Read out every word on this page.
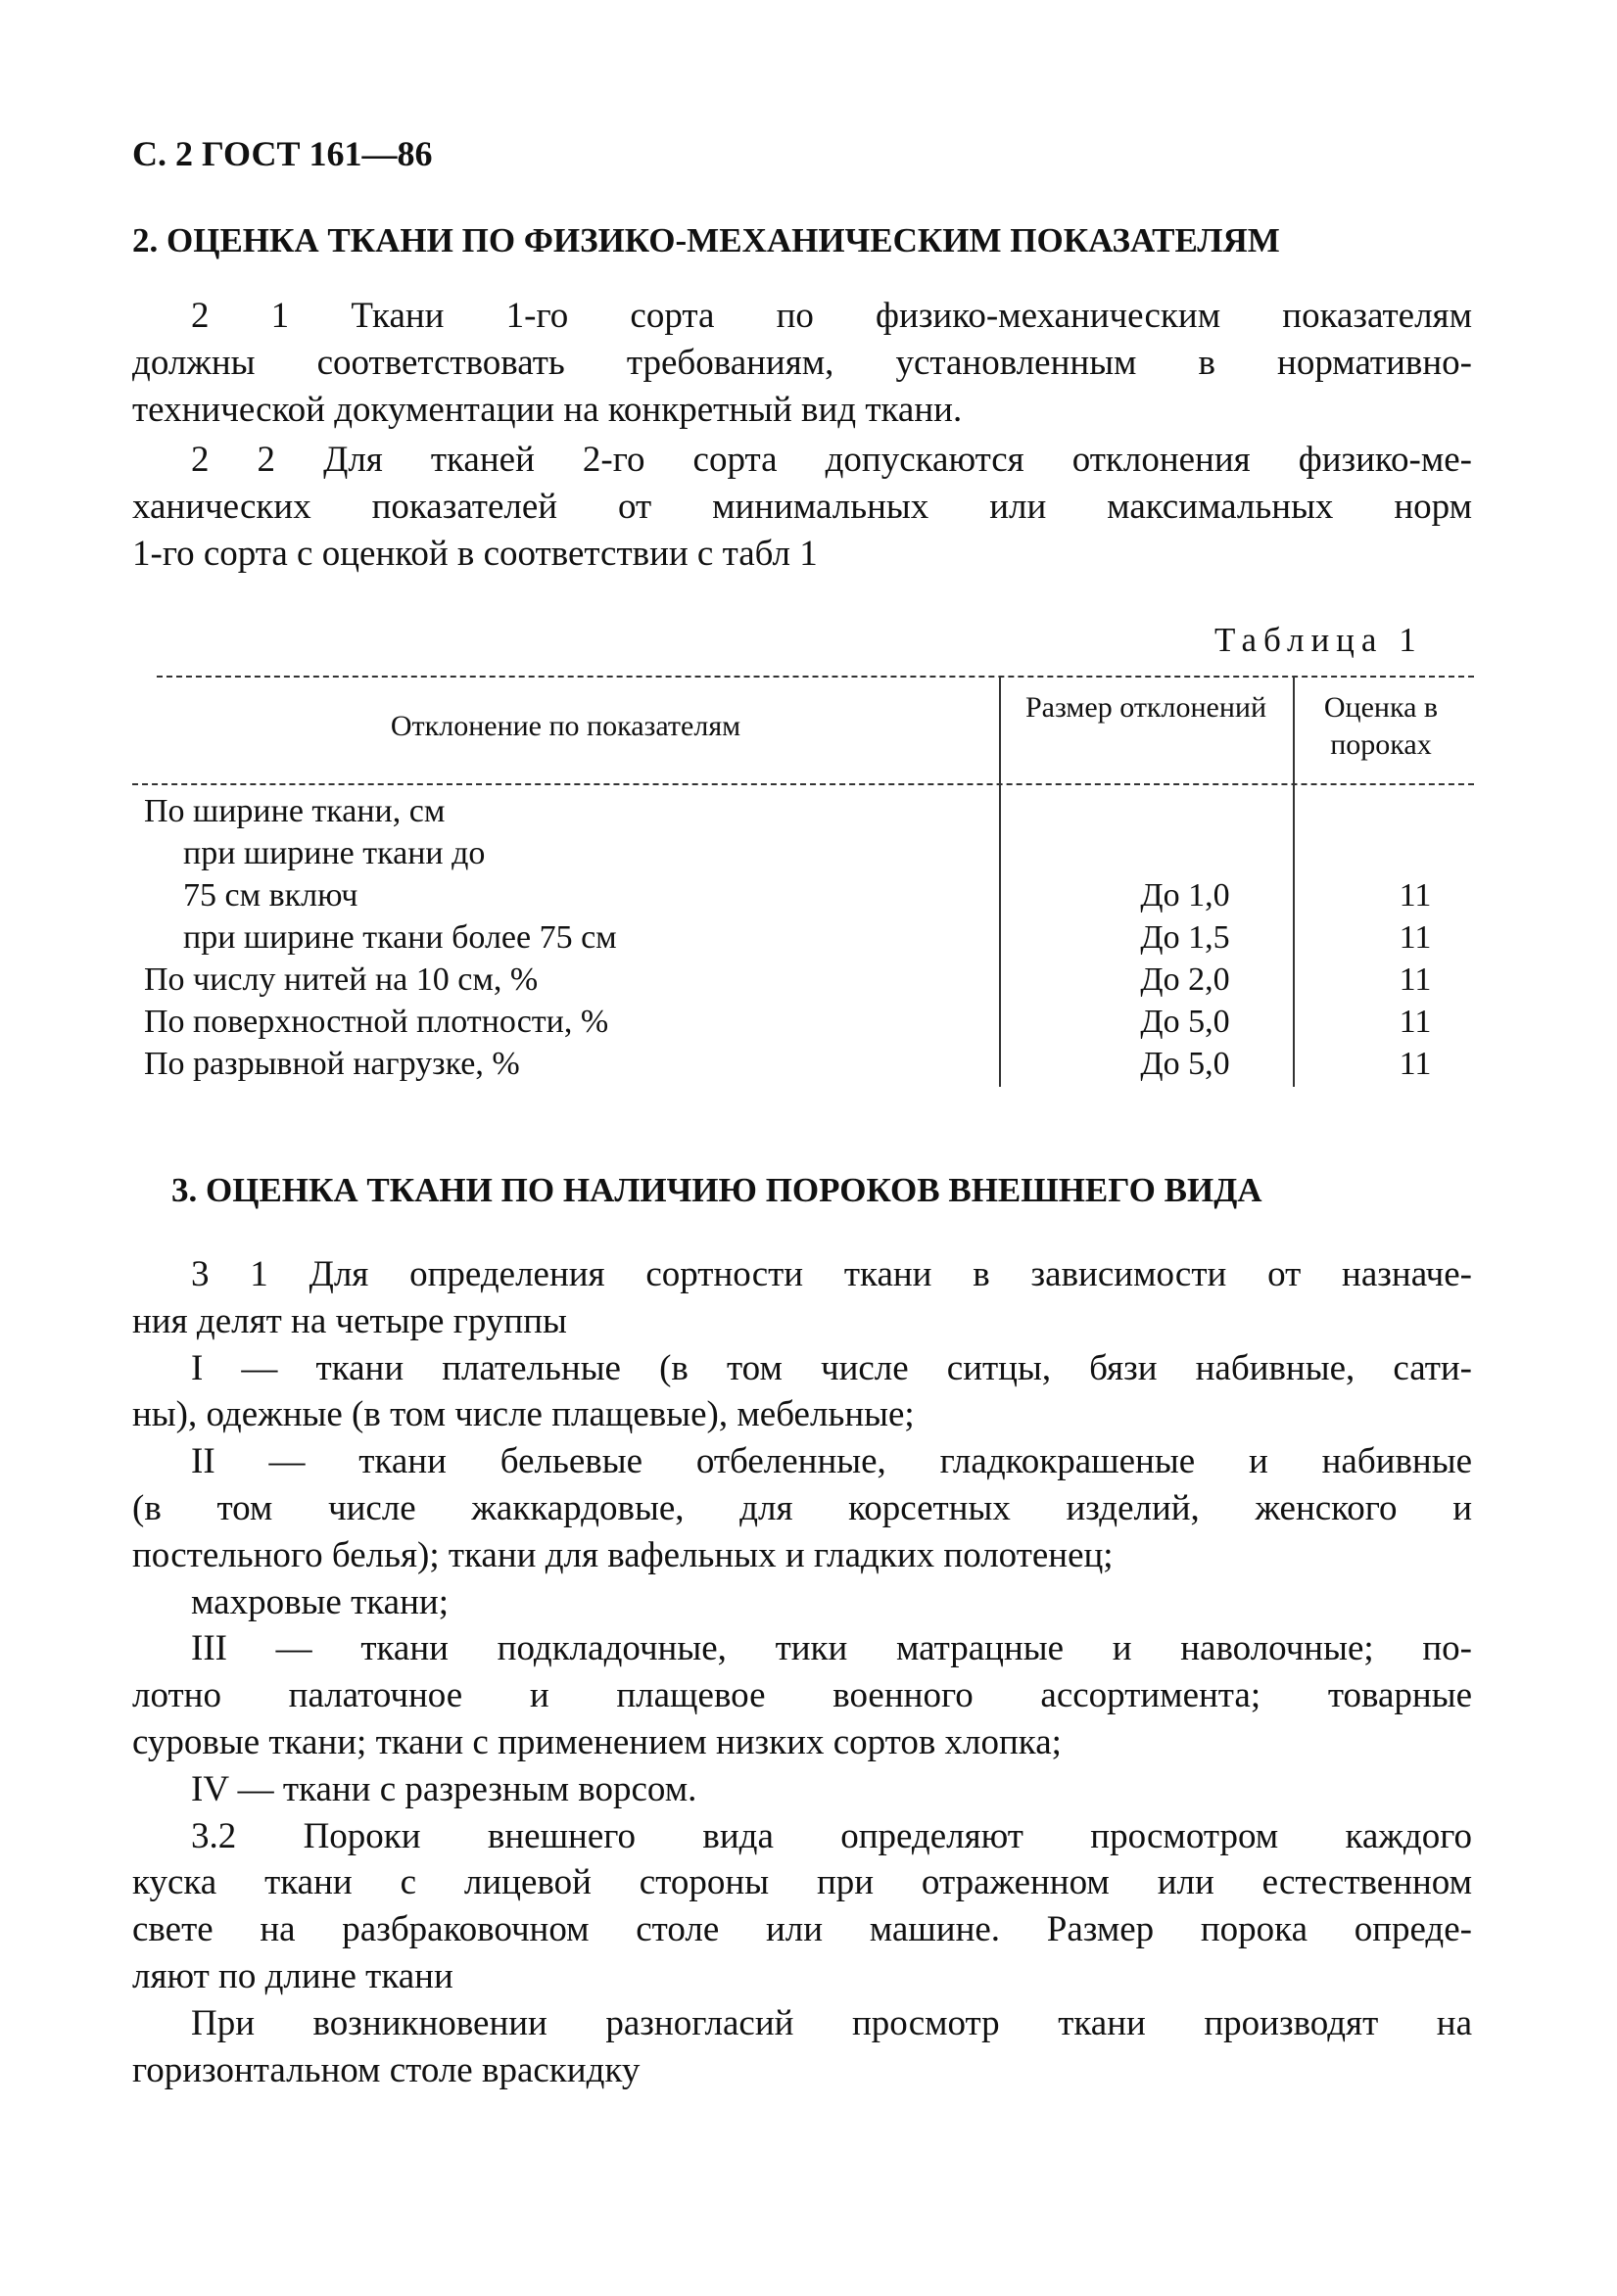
С. 2 ГОСТ 161—86
2. ОЦЕНКА ТКАНИ ПО ФИЗИКО-МЕХАНИЧЕСКИМ ПОКАЗАТЕЛЯМ
2 1 Ткани 1-го сорта по физико-механическим показателям
должны соответствовать требованиям, установленным в нормативно-
технической документации на конкретный вид ткани.
2 2 Для тканей 2-го сорта допускаются отклонения физико-ме-
ханических показателей от минимальных или максимальных норм
1-го сорта с оценкой в соответствии с табл 1
Таблица 1
Отклонение по показателям
Размер отклонений	Оценка в пороках
По ширине ткани, см
при ширине ткани до
75 см включ	До 1,0	11
при ширине ткани более 75 см	До 1,5	11
По числу нитей на 10 см, %	До 2,0	11
По поверхностной плотности, %	До 5,0	11
По разрывной нагрузке, %	До 5,0	11
3. ОЦЕНКА ТКАНИ ПО НАЛИЧИЮ ПОРОКОВ ВНЕШНЕГО ВИДА
3 1 Для определения сортности ткани в зависимости от назначе-
ния делят на четыре группы
I — ткани плательные (в том числе ситцы, бязи набивные, сати-
ны), одежные (в том числе плащевые), мебельные;
II — ткани бельевые отбеленные, гладкокрашеные и набивные
(в том числе жаккардовые, для корсетных изделий, женского и
постельного белья); ткани для вафельных и гладких полотенец;
махровые ткани;
III — ткани подкладочные, тики матрацные и наволочные; по-
лотно палаточное и плащевое военного ассортимента; товарные
суровые ткани; ткани с применением низких сортов хлопка;
IV — ткани с разрезным ворсом.
3.2 Пороки внешнего вида определяют просмотром каждого
куска ткани с лицевой стороны при отраженном или естественном
свете на разбраковочном столе или машине. Размер порока опреде-
ляют по длине ткани
При возникновении разногласий просмотр ткани производят на
горизонтальном столе враскидку
